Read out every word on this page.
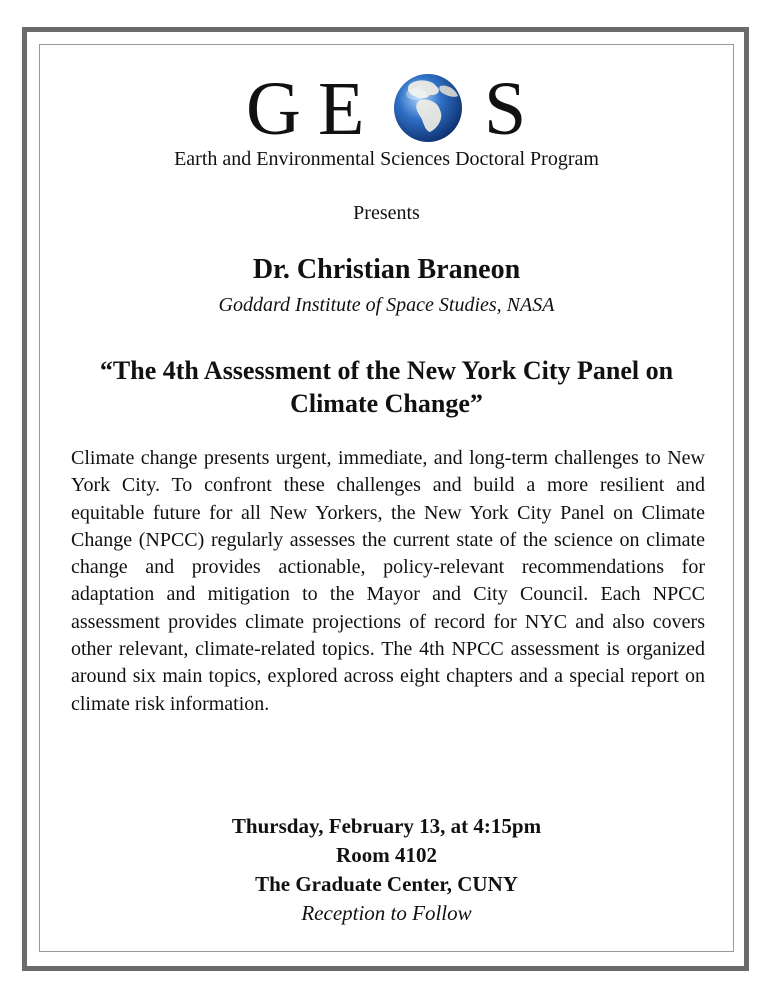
G E S
Earth and Environmental Sciences Doctoral Program
Presents
Dr. Christian Braneon
Goddard Institute of Space Studies, NASA
“The 4th Assessment of the New York City Panel on Climate Change”
Climate change presents urgent, immediate, and long-term challenges to New York City. To confront these challenges and build a more resilient and equitable future for all New Yorkers, the New York City Panel on Climate Change (NPCC) regularly assesses the current state of the science on climate change and provides actionable, policy-relevant recommendations for adaptation and mitigation to the Mayor and City Council. Each NPCC assessment provides climate projections of record for NYC and also covers other relevant, climate-related topics. The 4th NPCC assessment is organized around six main topics, explored across eight chapters and a special report on climate risk information.
Thursday, February 13, at 4:15pm
Room 4102
The Graduate Center, CUNY
Reception to Follow
